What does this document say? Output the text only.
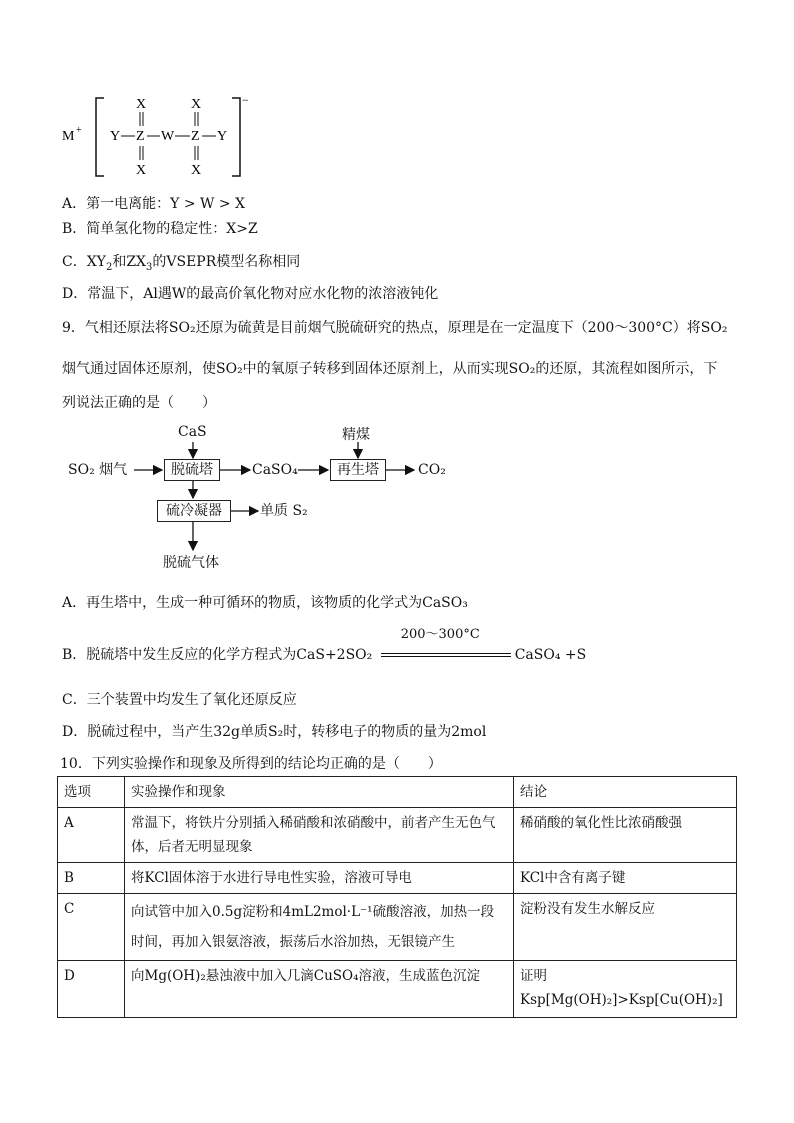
M +
−
X	X
Y Z W Z Y
X	X
A．第一电离能：Y > W > X
B．简单氢化物的稳定性：X>Z
C．$XY_2$和$ZX_3$的VSEPR模型名称相同
D．常温下，Al遇W的最高价氧化物对应水化物的浓溶液钝化
9．气相还原法将SO₂还原为硫黄是目前烟气脱硫研究的热点，原理是在一定温度下（200～300°C）将SO₂
烟气通过固体还原剂，使SO₂中的氧原子转移到固体还原剂上，从而实现SO₂的还原，其流程如图所示，下
列说法正确的是（　　）
CaS
SO₂ 烟气	脱硫塔	CaSO₄
精煤
再生塔	CO₂
硫冷凝器	单质 S₂
脱硫气体
A．再生塔中，生成一种可循环的物质，该物质的化学式为CaSO₃
B．脱硫塔中发生反应的化学方程式为CaS+2SO₂
200～300°C
CaSO₄ +S
C．三个装置中均发生了氧化还原反应
D．脱硫过程中，当产生32g单质S₂时，转移电子的物质的量为2mol
10．下列实验操作和现象及所得到的结论均正确的是（　　）
选项	实验操作和现象	结论
A	常温下，将铁片分别插入稀硝酸和浓硝酸中，前者产生无色气
体，后者无明显现象	稀硝酸的氧化性比浓硝酸强

B	将KCl固体溶于水进行导电性实验，溶液可导电	KCl中含有离子键

C	向试管中加入0.5g淀粉和4mL2mol·L⁻¹硫酸溶液，加热一段
时间，再加入银氨溶液，振荡后水浴加热，无银镜产生	淀粉没有发生水解反应

D	向Mg(OH)₂悬浊液中加入几滴CuSO₄溶液，生成蓝色沉淀	证明
Ksp[Mg(OH)₂]>Ksp[Cu(OH)₂]
